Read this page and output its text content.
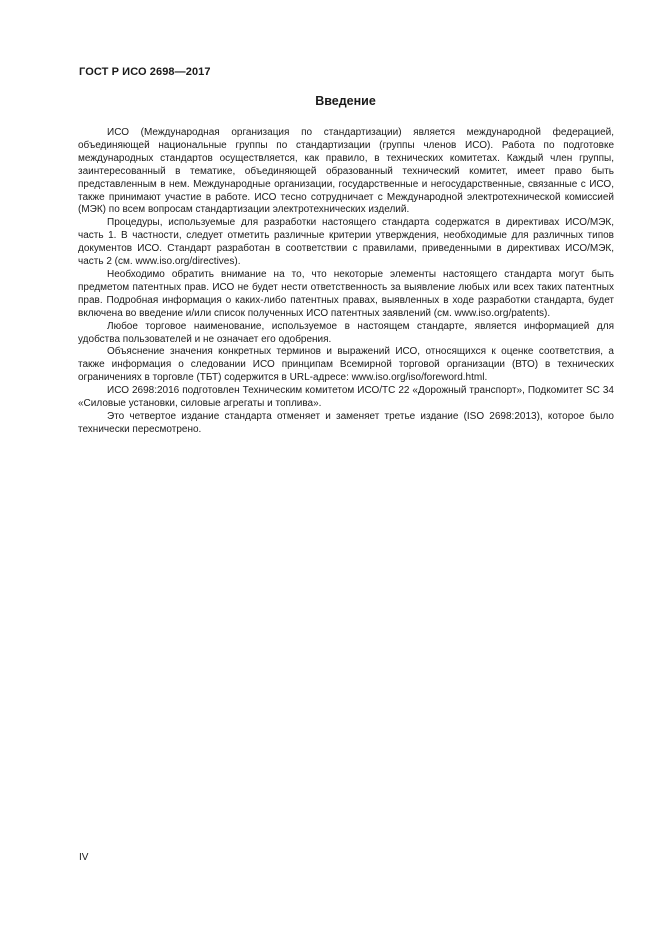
ГОСТ Р ИСО 2698—2017
Введение

ИСО (Международная организация по стандартизации) является международной федерацией, объединяющей национальные группы по стандартизации (группы членов ИСО). Работа по подготовке международных стандартов осуществляется, как правило, в технических комитетах. Каждый член группы, заинтересованный в тематике, объединяющей образованный технический комитет, имеет право быть представленным в нем. Международные организации, государственные и негосударственные, связанные с ИСО, также принимают участие в работе. ИСО тесно сотрудничает с Международной электротехнической комиссией (МЭК) по всем вопросам стандартизации электротехнических изделий.

Процедуры, используемые для разработки настоящего стандарта содержатся в директивах ИСО/МЭК, часть 1. В частности, следует отметить различные критерии утверждения, необходимые для различных типов документов ИСО. Стандарт разработан в соответствии с правилами, приведенными в директивах ИСО/МЭК, часть 2 (см. www.iso.org/directives).

Необходимо обратить внимание на то, что некоторые элементы настоящего стандарта могут быть предметом патентных прав. ИСО не будет нести ответственность за выявление любых или всех таких патентных прав. Подробная информация о каких-либо патентных правах, выявленных в ходе разработки стандарта, будет включена во введение и/или список полученных ИСО патентных заявлений (см. www.iso.org/patents).

Любое торговое наименование, используемое в настоящем стандарте, является информацией для удобства пользователей и не означает его одобрения.

Объяснение значения конкретных терминов и выражений ИСО, относящихся к оценке соответствия, а также информация о следовании ИСО принципам Всемирной торговой организации (ВТО) в технических ограничениях в торговле (ТБТ) содержится в URL-адресе: www.iso.org/iso/foreword.html.

ИСО 2698:2016 подготовлен Техническим комитетом ИСО/ТС 22 «Дорожный транспорт», Подкомитет SC 34 «Силовые установки, силовые агрегаты и топлива».

Это четвертое издание стандарта отменяет и заменяет третье издание (ISO 2698:2013), которое было технически пересмотрено.

IV
